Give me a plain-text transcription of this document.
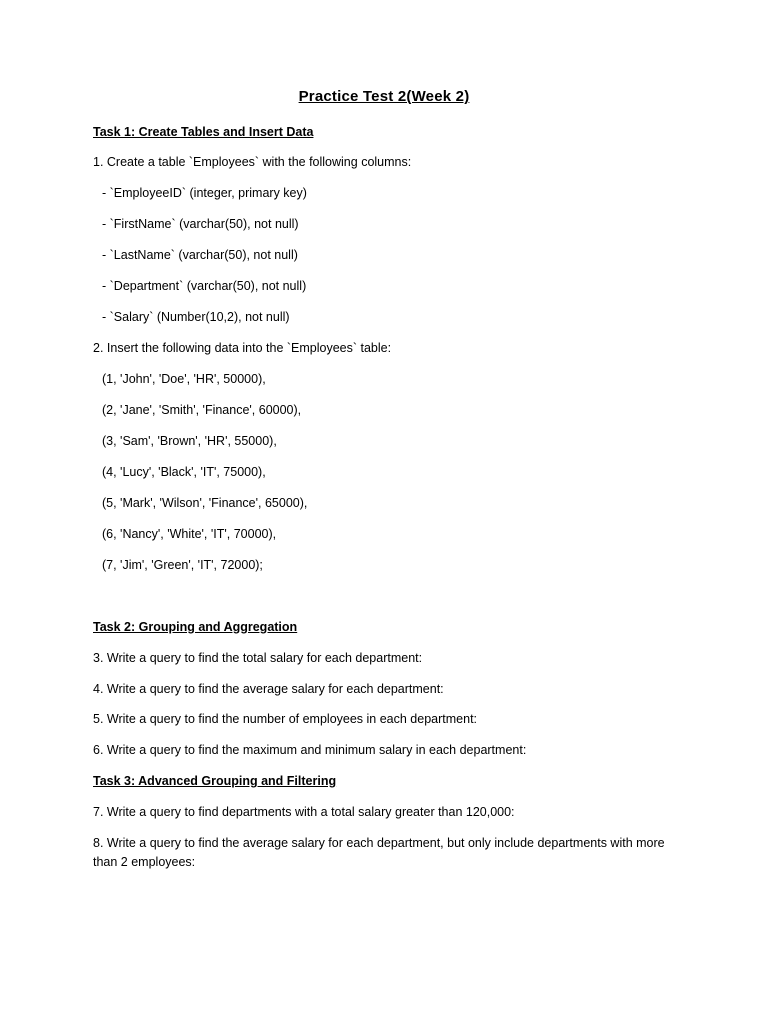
Practice Test 2(Week 2)
Task 1: Create Tables and Insert Data
1. Create a table `Employees` with the following columns:
- `EmployeeID` (integer, primary key)
- `FirstName` (varchar(50), not null)
- `LastName` (varchar(50), not null)
- `Department` (varchar(50), not null)
- `Salary` (Number(10,2), not null)
2. Insert the following data into the `Employees` table:
(1, 'John', 'Doe', 'HR', 50000),
(2, 'Jane', 'Smith', 'Finance', 60000),
(3, 'Sam', 'Brown', 'HR', 55000),
(4, 'Lucy', 'Black', 'IT', 75000),
(5, 'Mark', 'Wilson', 'Finance', 65000),
(6, 'Nancy', 'White', 'IT', 70000),
(7, 'Jim', 'Green', 'IT', 72000);
Task 2: Grouping and Aggregation
3. Write a query to find the total salary for each department:
4. Write a query to find the average salary for each department:
5. Write a query to find the number of employees in each department:
6. Write a query to find the maximum and minimum salary in each department:
Task 3: Advanced Grouping and Filtering
7. Write a query to find departments with a total salary greater than 120,000:
8. Write a query to find the average salary for each department, but only include departments with more than 2 employees:
